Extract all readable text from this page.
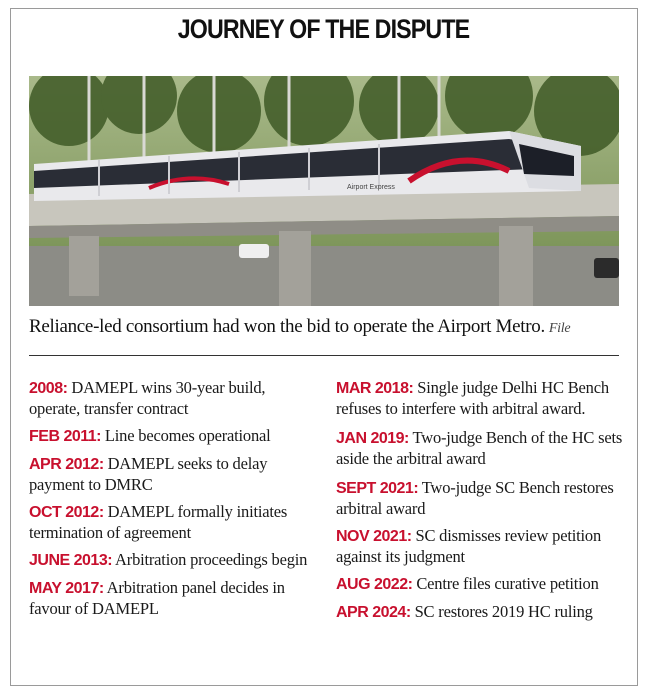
JOURNEY OF THE DISPUTE
Airport Express
Reliance-led consortium had won the bid to operate the Airport Metro. File
2008: DAMEPL wins 30-year build, operate, transfer contract
FEB 2011: Line becomes operational
APR 2012: DAMEPL seeks to delay payment to DMRC
OCT 2012: DAMEPL formally initiates termination of agreement
JUNE 2013: Arbitration proceedings begin
MAY 2017: Arbitration panel decides in favour of DAMEPL
MAR 2018: Single judge Delhi HC Bench refuses to interfere with arbitral award.
JAN 2019: Two-judge Bench of the HC sets aside the arbitral award
SEPT 2021: Two-judge SC Bench restores arbitral award
NOV 2021: SC dismisses review petition against its judgment
AUG 2022: Centre files curative petition
APR 2024: SC restores 2019 HC ruling
